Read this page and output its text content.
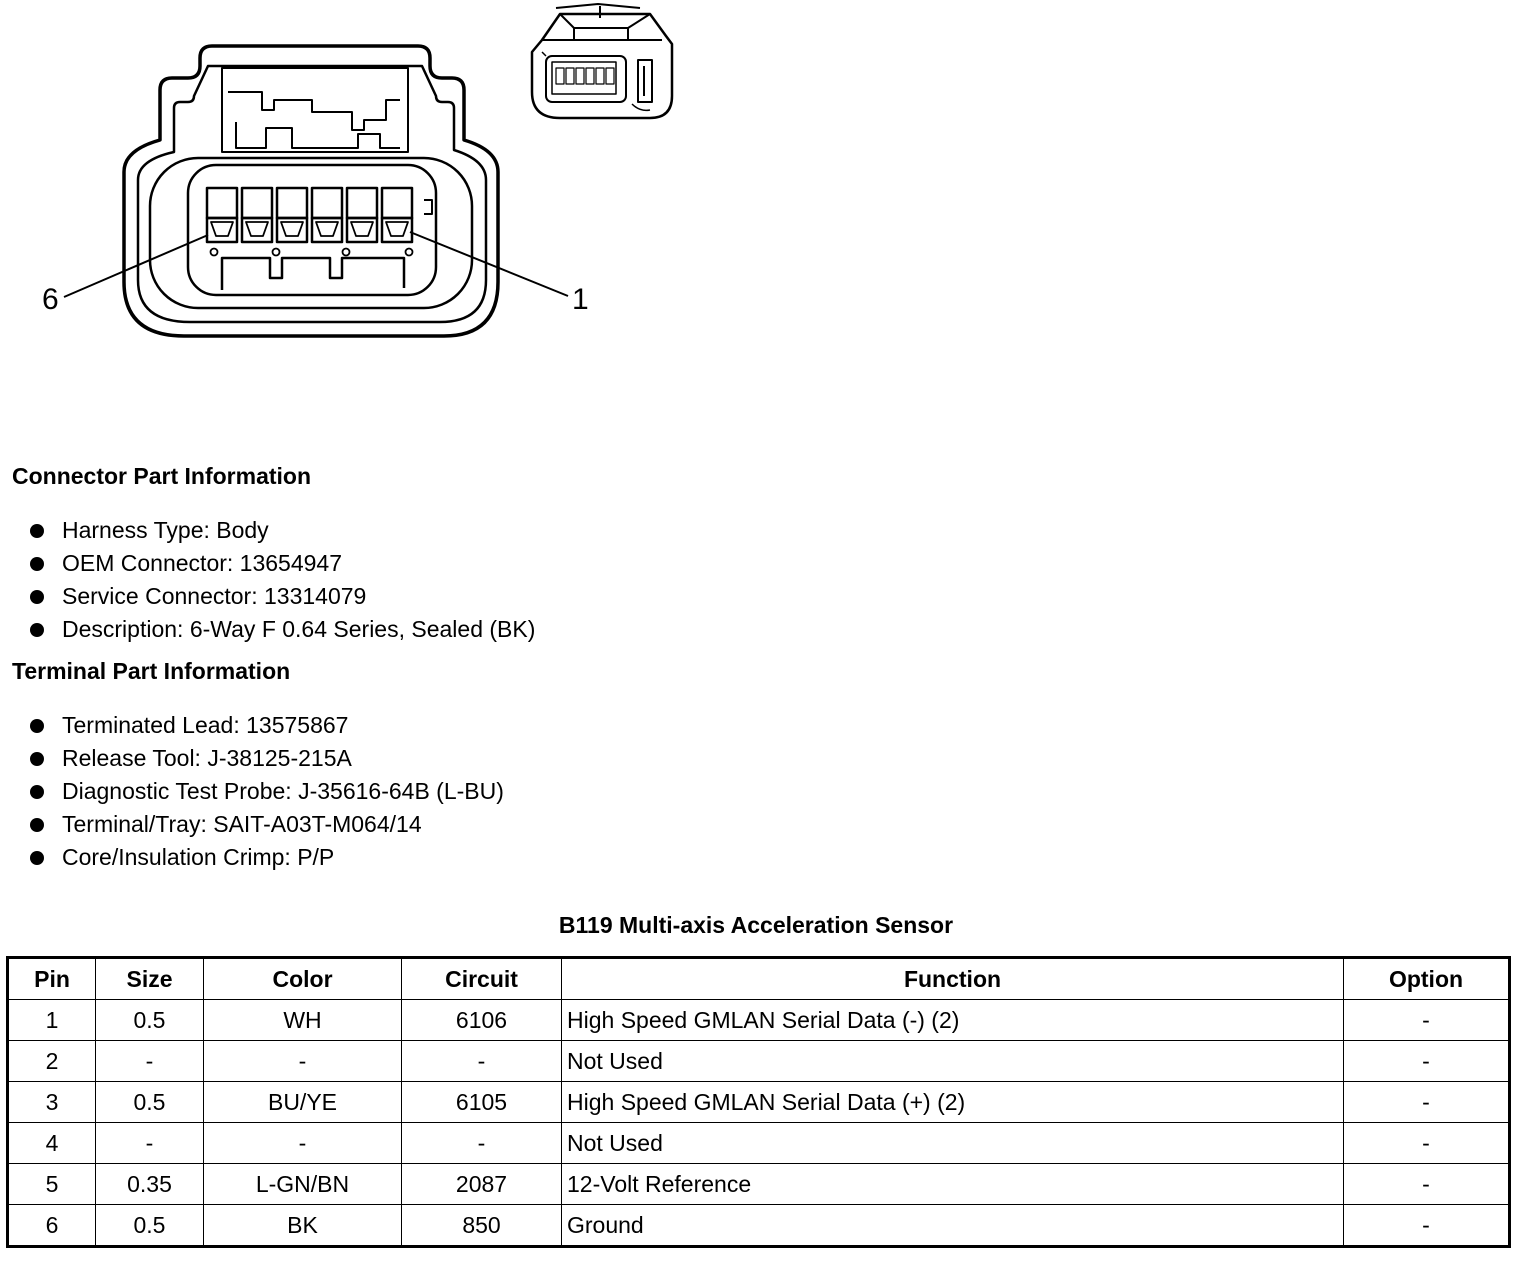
6	1
Connector Part Information
Harness Type: Body
OEM Connector: 13654947
Service Connector: 13314079
Description: 6-Way F 0.64 Series, Sealed (BK)
Terminal Part Information
Terminated Lead: 13575867
Release Tool: J-38125-215A
Diagnostic Test Probe: J-35616-64B (L-BU)
Terminal/Tray: SAIT-A03T-M064/14
Core/Insulation Crimp: P/P
B119 Multi-axis Acceleration Sensor
Pin	Size	Color	Circuit	Function	Option
1	0.5	WH	6106	High Speed GMLAN Serial Data (-) (2)	-
2	-	-	-	Not Used	-
3	0.5	BU/YE	6105	High Speed GMLAN Serial Data (+) (2)	-
4	-	-	-	Not Used	-
5	0.35	L-GN/BN	2087	12-Volt Reference	-
6	0.5	BK	850	Ground	-
